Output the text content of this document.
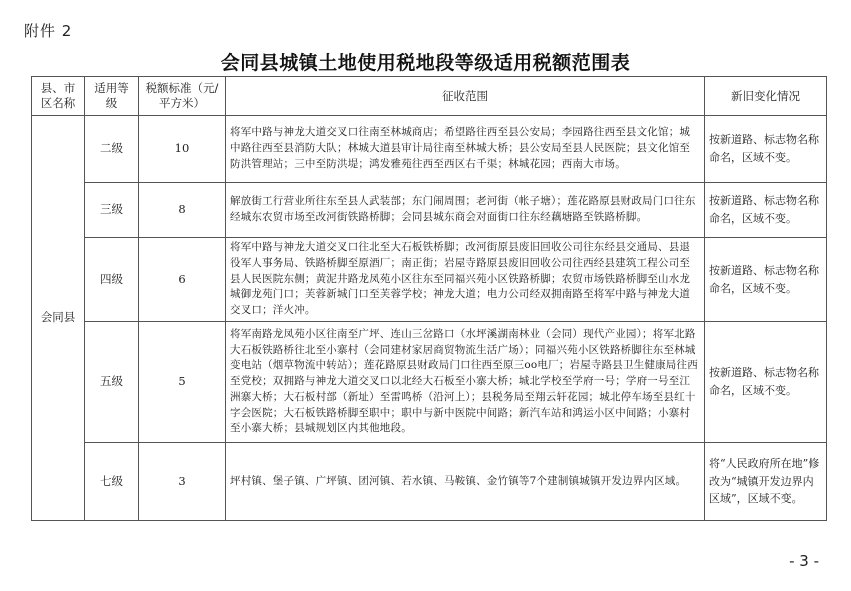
附件 2
会同县城镇土地使用税地段等级适用税额范围表
县、市区名称	适用等级	税额标准（元/平方米）	征收范围	新旧变化情况
会同县	二级	10	将军中路与神龙大道交叉口往南至林城商店；希望路往西至县公安局；李园路往西至县文化馆；城中路往西至县消防大队；林城大道县审计局往南至林城大桥；县公安局至县人民医院；县文化馆至防洪管理站；三中至防洪堤；鸿发雅苑往西至西区右千渠；林城花园；西南大市场。	按新道路、标志物名称命名，区域不变。
	三级	8	解放街工行营业所往东至县人武装部；东门闹周围；老河街（帐子塘）；莲花路原县财政局门口往东经城东农贸市场至改河街铁路桥脚；会同县城东商会对面街口往东经藕塘路至铁路桥脚。	按新道路、标志物名称命名，区域不变。
	四级	6	将军中路与神龙大道交叉口往北至大石板铁桥脚；改河街原县废旧回收公司往东经县交通局、县退役军人事务局、铁路桥脚至原酒厂；南正街；岩屋寺路原县废旧回收公司往西经县建筑工程公司至县人民医院东侧；黄泥井路龙凤苑小区往东至同福兴苑小区铁路桥脚；农贸市场铁路桥脚至山水龙城御龙苑门口；芙蓉新城门口至芙蓉学校；神龙大道；电力公司经双拥南路至将军中路与神龙大道交叉口；洋火冲。	按新道路、标志物名称命名，区域不变。
	五级	5	将军南路龙凤苑小区往南至广坪、连山三岔路口（水坪溪湖南林业（会同）现代产业园）；将军北路大石板铁路桥往北至小寨村（会同建材家居商贸物流生活广场）；同福兴苑小区铁路桥脚往东至林城变电站（烟草物流中转站）；莲花路原县财政局门口往西至原三oo电厂；岩屋寺路县卫生健康局往西至党校；双拥路与神龙大道交叉口以北经大石板至小寨大桥；城北学校至学府一号；学府一号至江洲寨大桥；大石板村部（新址）至雷鸣桥（沿河上）；县税务局至翔云轩花园；城北停车场至县红十字会医院；大石板铁路桥脚至职中；职中与新中医院中间路；新汽车站和鸿运小区中间路；小寨村至小寨大桥；县城规划区内其他地段。	按新道路、标志物名称命名，区域不变。
	七级	3	坪村镇、堡子镇、广坪镇、团河镇、若水镇、马鞍镇、金竹镇等7个建制镇城镇开发边界内区域。	将“人民政府所在地”修改为“城镇开发边界内区域”，区域不变。
- 3 -
